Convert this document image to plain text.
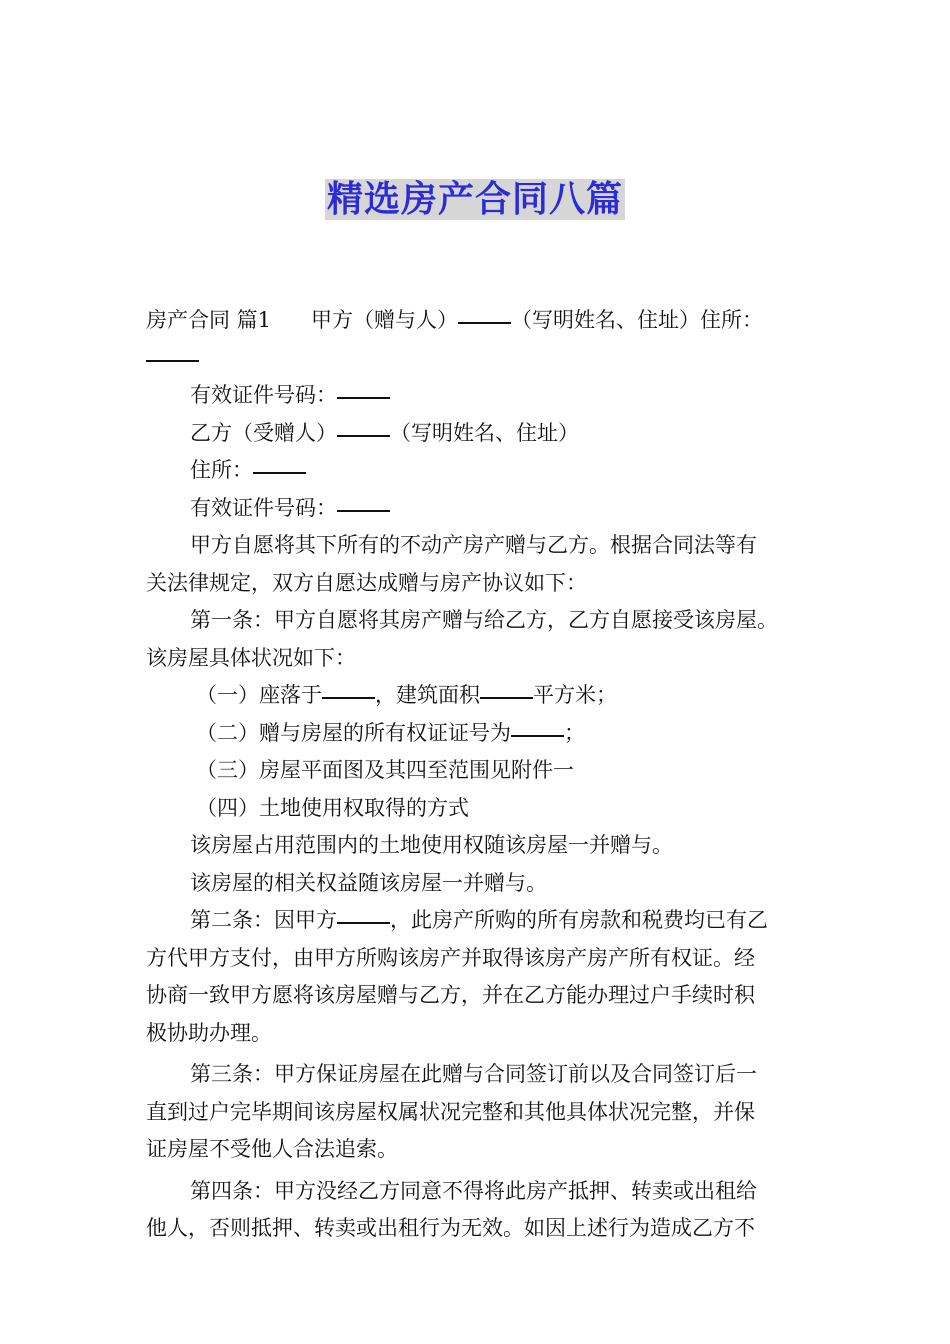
精选房产合同八篇

房产合同 篇1 甲方（赠与人）	（写明姓名、住址）住所：

有效证件号码：

乙方（受赠人）	（写明姓名、住址）

住所：

有效证件号码：

甲方自愿将其下所有的不动产房产赠与乙方。根据合同法等有

关法律规定，双方自愿达成赠与房产协议如下：

第一条：甲方自愿将其房产赠与给乙方，乙方自愿接受该房屋。

该房屋具体状况如下：

（一）座落于	，建筑面积	平方米；

（二）赠与房屋的所有权证证号为	；

（三）房屋平面图及其四至范围见附件一

（四）土地使用权取得的方式

该房屋占用范围内的土地使用权随该房屋一并赠与。

该房屋的相关权益随该房屋一并赠与。

第二条：因甲方	，此房产所购的所有房款和税费均已有乙

方代甲方支付，由甲方所购该房产并取得该房产房产所有权证。经

协商一致甲方愿将该房屋赠与乙方，并在乙方能办理过户手续时积

极协助办理。

第三条：甲方保证房屋在此赠与合同签订前以及合同签订后一

直到过户完毕期间该房屋权属状况完整和其他具体状况完整，并保

证房屋不受他人合法追索。

第四条：甲方没经乙方同意不得将此房产抵押、转卖或出租给

他人，否则抵押、转卖或出租行为无效。如因上述行为造成乙方不
